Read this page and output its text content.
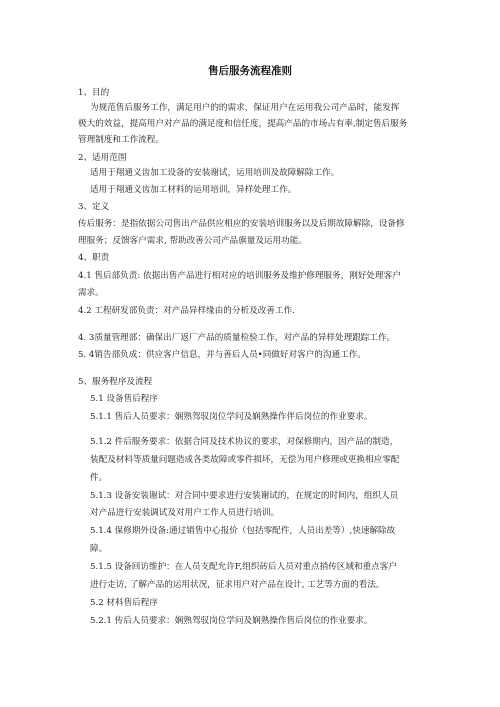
售后服务流程准则
1、目的
为规范售后服务工作，满足用户的的需求，保证用户在运用我公司产品时，能发挥
极大的效益，提高用户对产品的满足度和信任度，提高产品的市场占有率,制定售后服务
管理制度和工作流程。
2、适用范围
适用于翔通义齿加工设备的安装谢试，运用培训及故障解除工作。
适用于翔通义齿加工材料的运用培训，异样处理工作。
3、定义
传后服务：是指依据公司售出产品供应相应的安装培训服务以及后期故障解除，设备修
理服务；反馈客户需求, 帮助改善公司产品旗量及运用功能。
4、职责
4.1 售后部负责: 依据出售产品进行相对应的培训服务及维护修理服务，刚好处理客户
需求。
4.2 工程研发部负责：对产品异样缘由的分析及改善工作.
4. 3质量管理部：确保出厂返厂产品的质量检验工作，对产品的异样处理跟踪工作。
5. 4销告部负成：供应客户信息，并与善后人员•同做好对客户的沟通工作。
5、服务程序及流程
5.1 设备售后程序
5.1.1 售后人员要求：娴熟驾驭岗位学问及娴熟操作伴后岗位的作业要求。
5.1.2 件后服务要求：依据合同及技术协议的要求，对保修期内，因产品的制造，
装配及材料等质量问题造成各类故障或零件损坏，无偿为用户修理或更换相应零配
件。
5.1.3 设备安装谢试：对合同中要求进行安装谢试的，在规定的时间内，组织人员
对产品进行安装调试及对用户工作人员进行培训。
5.1.4 保修期外设备:通过销售中心报价（包括零配件，人员出差等）,快速解除故
障。
5.1.5 设备回访维护：在人员支配允许F,组织砖后人员对重点捎传区域和重点客户
进行走访, 了解产品的运用状况，征求用户对产品在设计, 工艺等方面的看法。
5.2 材料售后程序
5.2.1 传后人员要求：娴熟驾驭岗位学问及娴熟操作售后岗位的作业要求。
